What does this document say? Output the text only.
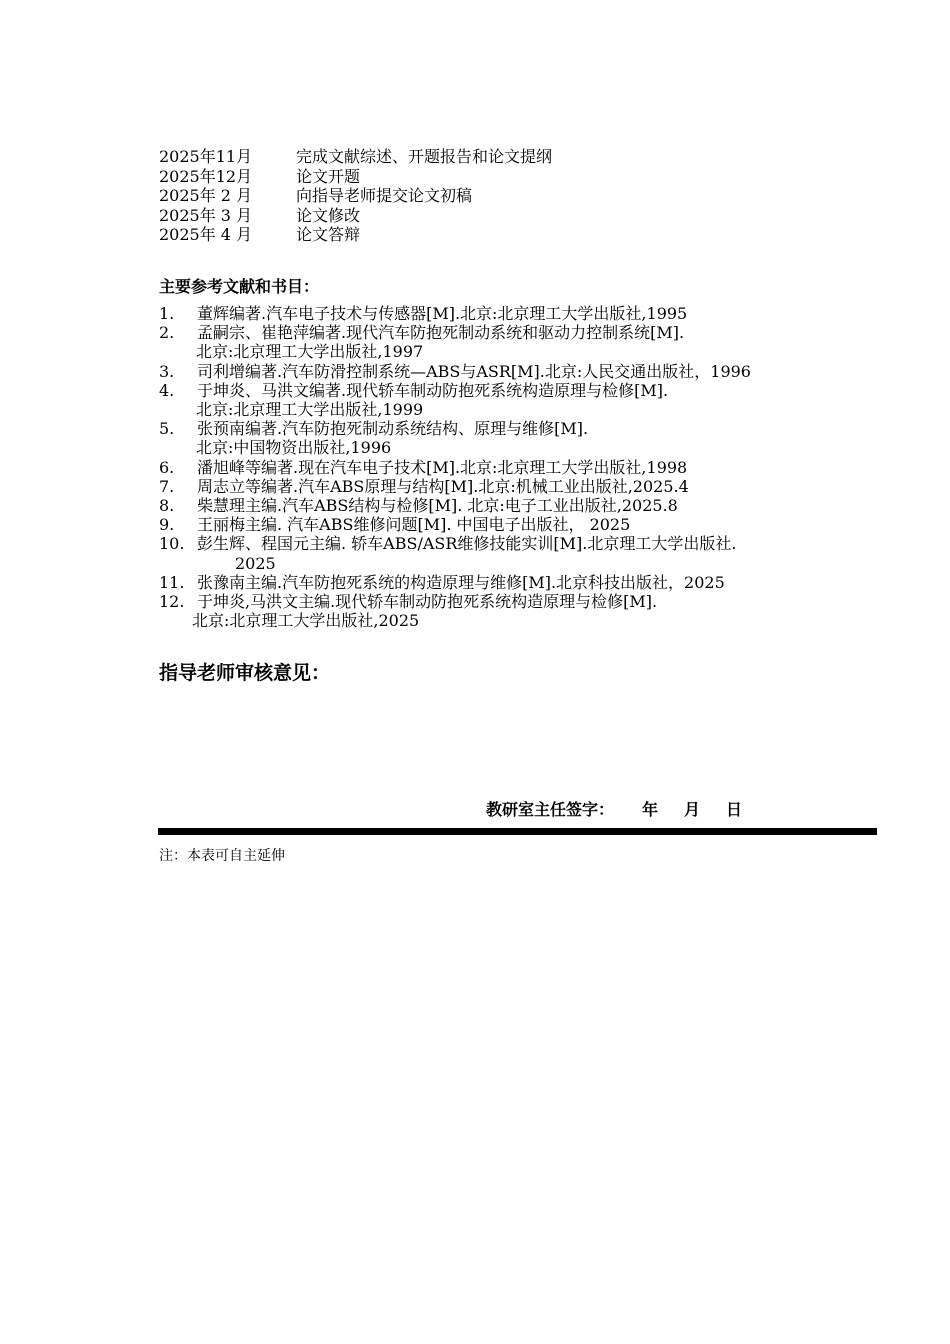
2025年11月	完成文献综述、开题报告和论文提纲
2025年12月	论文开题
2025年 2 月	向指导老师提交论文初稿
2025年 3 月	论文修改
2025年 4 月	论文答辩
主要参考文献和书目：
1. 董辉编著.汽车电子技术与传感器[M].北京:北京理工大学出版社,1995
2. 孟嗣宗、崔艳萍编著.现代汽车防抱死制动系统和驱动力控制系统[M].
北京:北京理工大学出版社,1997
3. 司利增编著.汽车防滑控制系统—ABS与ASR[M].北京:人民交通出版社，1996
4. 于坤炎、马洪文编著.现代轿车制动防抱死系统构造原理与检修[M].
北京:北京理工大学出版社,1999
5. 张预南编著.汽车防抱死制动系统结构、原理与维修[M].
北京:中国物资出版社,1996
6. 潘旭峰等编著.现在汽车电子技术[M].北京:北京理工大学出版社,1998
7. 周志立等编著.汽车ABS原理与结构[M].北京:机械工业出版社,2025.4
8. 柴慧理主编.汽车ABS结构与检修[M]. 北京:电子工业出版社,2025.8
9. 王丽梅主编. 汽车ABS维修问题[M]. 中国电子出版社， 2025
10. 彭生辉、程国元主编. 轿车ABS/ASR维修技能实训[M].北京理工大学出版社.
2025
11. 张豫南主编.汽车防抱死系统的构造原理与维修[M].北京科技出版社，2025
12. 于坤炎,马洪文主编.现代轿车制动防抱死系统构造原理与检修[M].
北京:北京理工大学出版社,2025
指导老师审核意见：
教研室主任签字： 年 月 日
注：本表可自主延伸
